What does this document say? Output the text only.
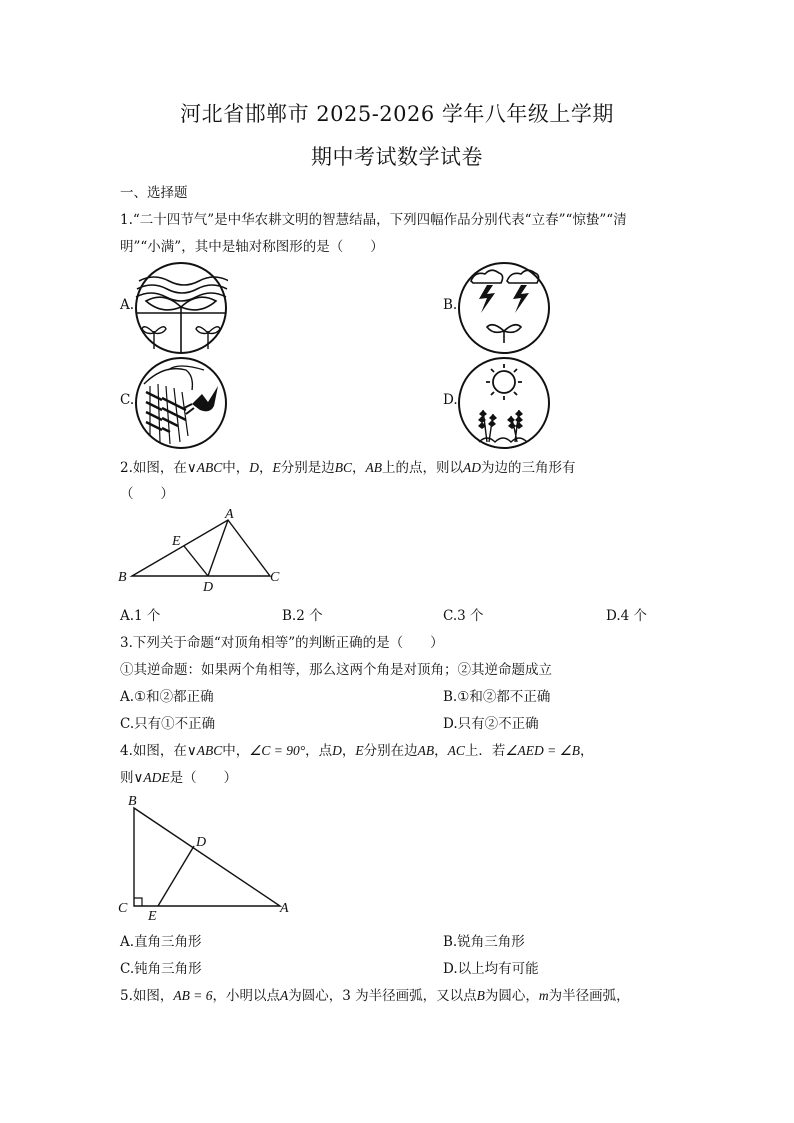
河北省邯郸市 2025-2026 学年八年级上学期
期中考试数学试卷
一、选择题
1.“二十四节气”是中华农耕文明的智慧结晶，下列四幅作品分别代表“立春”“惊蛰”“清
明”“小满”，其中是轴对称图形的是（　　）
A.	B.
C.	D.
2.如图，在∨ABC中，D，E分别是边BC，AB上的点，则以AD为边的三角形有
（　　）
A
E
B
D
C
A.1 个	B.2 个	C.3 个	D.4 个
3.下列关于命题“对顶角相等”的判断正确的是（　　）
①其逆命题：如果两个角相等，那么这两个角是对顶角；②其逆命题成立
A.①和②都正确	B.①和②都不正确
C.只有①不正确	D.只有②不正确
4.如图，在∨ABC中，∠C = 90°，点D，E分别在边AB，AC上．若∠AED = ∠B，
则∨ADE是（　　）
B
D
C
E
A
A.直角三角形	B.锐角三角形
C.钝角三角形	D.以上均有可能
5.如图，AB = 6，小明以点A为圆心，3 为半径画弧，又以点B为圆心，m为半径画弧，
